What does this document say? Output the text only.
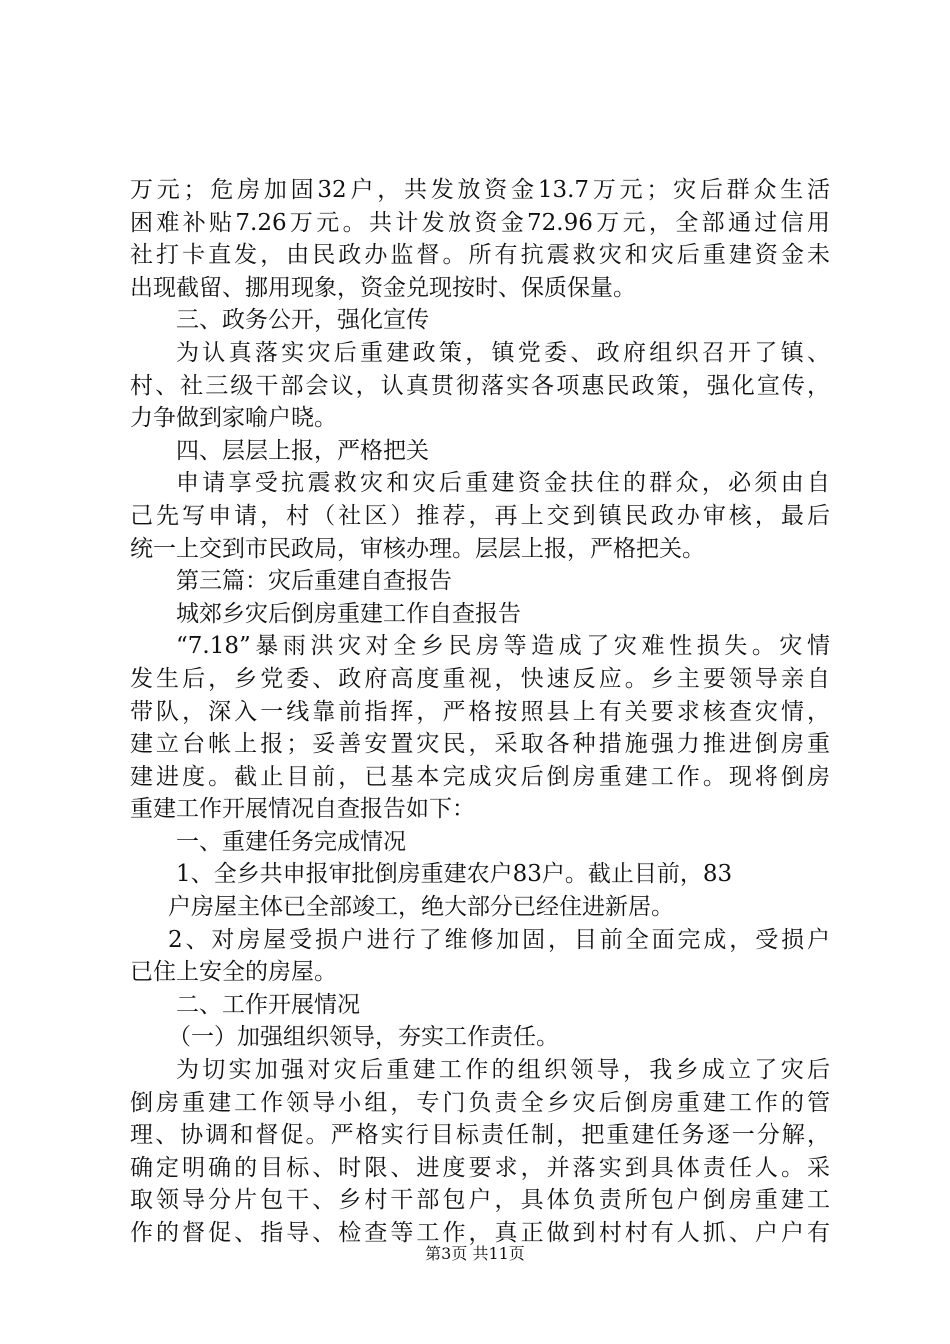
万元；危房加固32户，共发放资金13.7万元；灾后群众生活
困难补贴7.26万元。共计发放资金72.96万元，全部通过信用
社打卡直发，由民政办监督。所有抗震救灾和灾后重建资金未
出现截留、挪用现象，资金兑现按时、保质保量。
三、政务公开，强化宣传
为认真落实灾后重建政策，镇党委、政府组织召开了镇、
村、社三级干部会议，认真贯彻落实各项惠民政策，强化宣传，
力争做到家喻户晓。
四、层层上报，严格把关
申请享受抗震救灾和灾后重建资金扶住的群众，必须由自
己先写申请，村（社区）推荐，再上交到镇民政办审核，最后
统一上交到市民政局，审核办理。层层上报，严格把关。
第三篇：灾后重建自查报告
城郊乡灾后倒房重建工作自查报告
“7.18”暴雨洪灾对全乡民房等造成了灾难性损失。灾情
发生后，乡党委、政府高度重视，快速反应。乡主要领导亲自
带队，深入一线靠前指挥，严格按照县上有关要求核查灾情，
建立台帐上报；妥善安置灾民，采取各种措施强力推进倒房重
建进度。截止目前，已基本完成灾后倒房重建工作。现将倒房
重建工作开展情况自查报告如下：
一、重建任务完成情况
1、全乡共申报审批倒房重建农户83户。截止目前，83
户房屋主体已全部竣工，绝大部分已经住进新居。
2、对房屋受损户进行了维修加固，目前全面完成，受损户
已住上安全的房屋。
二、工作开展情况
（一）加强组织领导，夯实工作责任。
为切实加强对灾后重建工作的组织领导，我乡成立了灾后
倒房重建工作领导小组，专门负责全乡灾后倒房重建工作的管
理、协调和督促。严格实行目标责任制，把重建任务逐一分解，
确定明确的目标、时限、进度要求，并落实到具体责任人。采
取领导分片包干、乡村干部包户，具体负责所包户倒房重建工
作的督促、指导、检查等工作，真正做到村村有人抓、户户有
第3页 共11页
